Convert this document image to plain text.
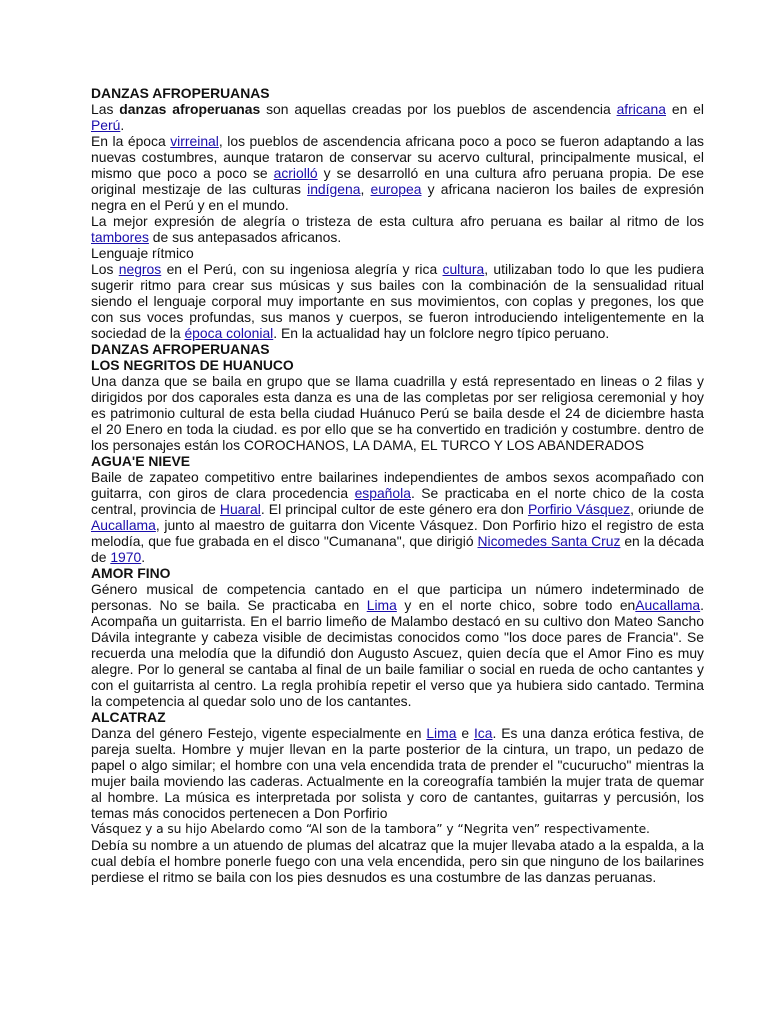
DANZAS AFROPERUANAS

Las danzas afroperuanas son aquellas creadas por los pueblos de ascendencia africana en el Perú.

En la época virreinal, los pueblos de ascendencia africana poco a poco se fueron adaptando a las nuevas costumbres, aunque trataron de conservar su acervo cultural, principalmente musical, el mismo que poco a poco se acriolló y se desarrolló en una cultura afro peruana propia. De ese original mestizaje de las culturas indígena, europea y africana nacieron los bailes de expresión negra en el Perú y en el mundo.

La mejor expresión de alegría o tristeza de esta cultura afro peruana es bailar al ritmo de los tambores de sus antepasados africanos.

Lenguaje rítmico

Los negros en el Perú, con su ingeniosa alegría y rica cultura, utilizaban todo lo que les pudiera sugerir ritmo para crear sus músicas y sus bailes con la combinación de la sensualidad ritual siendo el lenguaje corporal muy importante en sus movimientos, con coplas y pregones, los que con sus voces profundas, sus manos y cuerpos, se fueron introduciendo inteligentemente en la sociedad de la época colonial. En la actualidad hay un folclore negro típico peruano.

DANZAS AFROPERUANAS
LOS NEGRITOS DE HUANUCO

Una danza que se baila en grupo que se llama cuadrilla y está representado en lineas o 2 filas y dirigidos por dos caporales esta danza es una de las completas por ser religiosa ceremonial y hoy es patrimonio cultural de esta bella ciudad Huánuco Perú se baila desde el 24 de diciembre hasta el 20 Enero en toda la ciudad. es por ello que se ha convertido en tradición y costumbre. dentro de los personajes están los COROCHANOS, LA DAMA, EL TURCO Y LOS ABANDERADOS

AGUA'E NIEVE

Baile de zapateo competitivo entre bailarines independientes de ambos sexos acompañado con guitarra, con giros de clara procedencia española. Se practicaba en el norte chico de la costa central, provincia de Huaral. El principal cultor de este género era don Porfirio Vásquez, oriunde de Aucallama, junto al maestro de guitarra don Vicente Vásquez. Don Porfirio hizo el registro de esta melodía, que fue grabada en el disco "Cumanana", que dirigió Nicomedes Santa Cruz en la década de 1970.

AMOR FINO

Género musical de competencia cantado en el que participa un número indeterminado de personas. No se baila. Se practicaba en Lima y en el norte chico, sobre todo enAucallama. Acompaña un guitarrista. En el barrio limeño de Malambo destacó en su cultivo don Mateo Sancho Dávila integrante y cabeza visible de decimistas conocidos como "los doce pares de Francia". Se recuerda una melodía que la difundió don Augusto Ascuez, quien decía que el Amor Fino es muy alegre. Por lo general se cantaba al final de un baile familiar o social en rueda de ocho cantantes y con el guitarrista al centro. La regla prohibía repetir el verso que ya hubiera sido cantado. Termina la competencia al quedar solo uno de los cantantes.

ALCATRAZ

Danza del género Festejo, vigente especialmente en Lima e Ica. Es una danza erótica festiva, de pareja suelta. Hombre y mujer llevan en la parte posterior de la cintura, un trapo, un pedazo de papel o algo similar; el hombre con una vela encendida trata de prender el "cucurucho" mientras la mujer baila moviendo las caderas. Actualmente en la coreografía también la mujer trata de quemar al hombre. La música es interpretada por solista y coro de cantantes, guitarras y percusión, los temas más conocidos pertenecen a Don Porfirio

Vásquez y a su hijo Abelardo como “Al son de la tambora” y “Negrita ven” respectivamente.

Debía su nombre a un atuendo de plumas del alcatraz que la mujer llevaba atado a la espalda, a la cual debía el hombre ponerle fuego con una vela encendida, pero sin que ninguno de los bailarines perdiese el ritmo se baila con los pies desnudos es una costumbre de las danzas peruanas.
